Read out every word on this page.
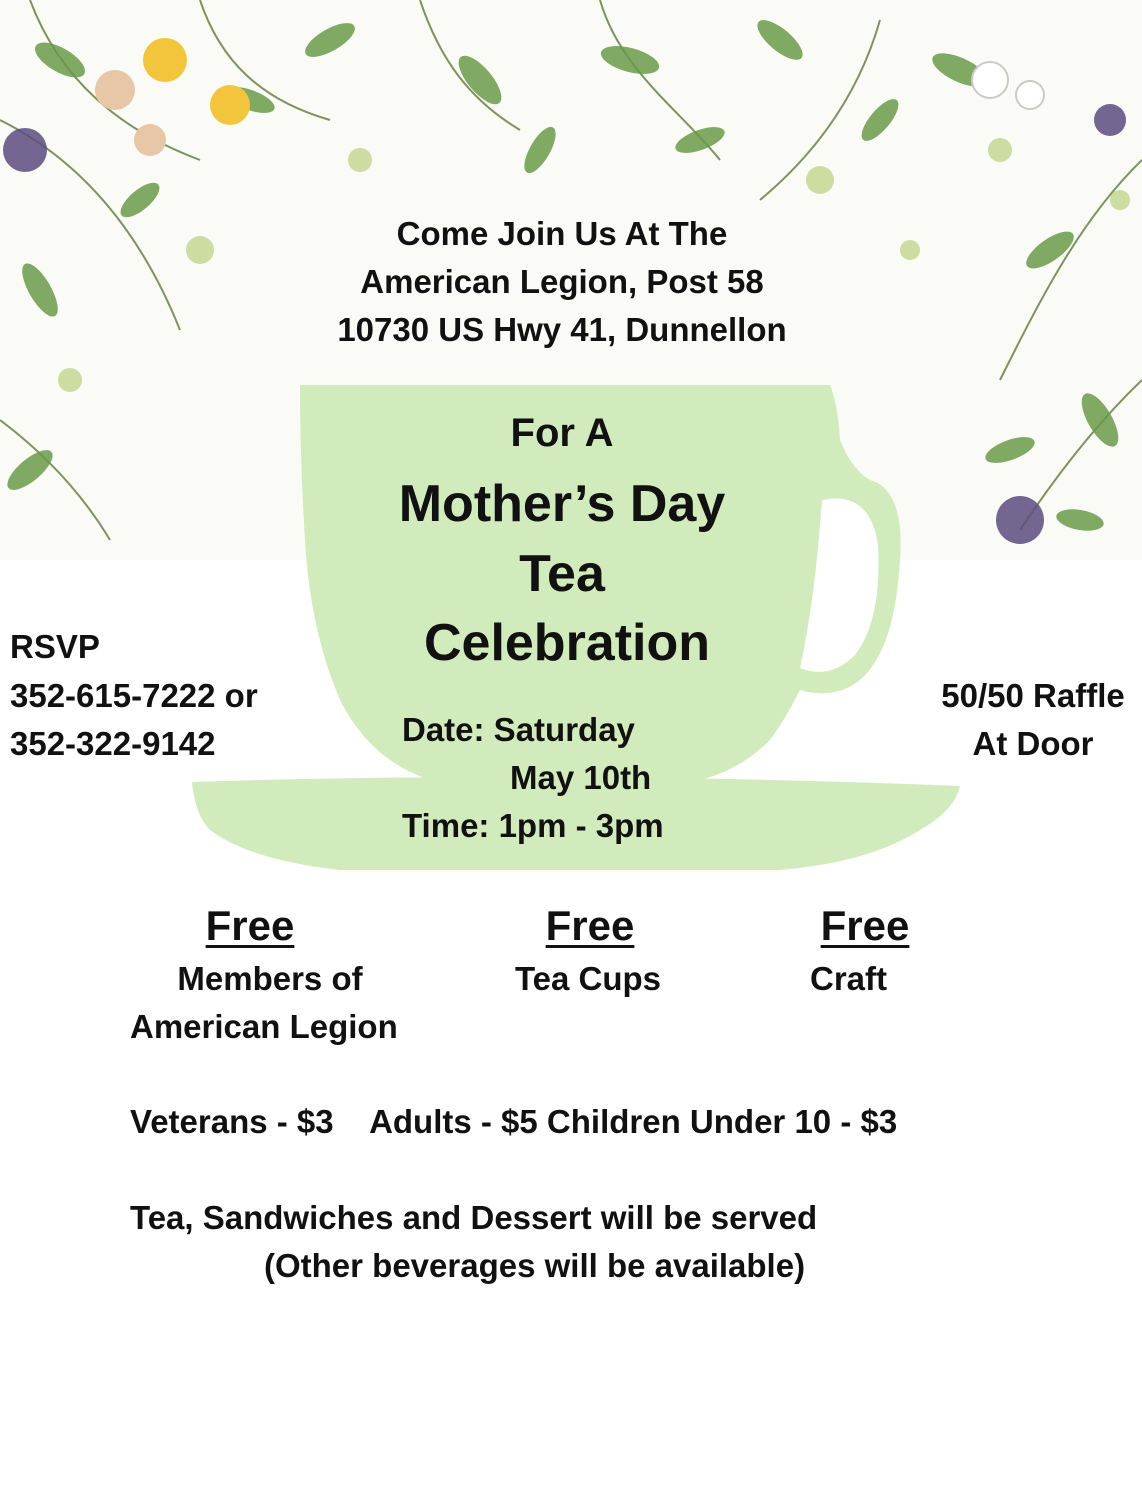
Come Join Us At The
American Legion, Post 58
10730 US Hwy 41, Dunnellon
For A
Mother’s Day
Tea
Celebration
Date: Saturday
May 10th
Time: 1pm - 3pm
RSVP
352-615-7222 or
352-322-9142
50/50 Raffle
At Door
Free
Members of
American Legion
Free
Tea Cups
Free
Craft
Veterans - $3    Adults - $5 Children Under 10 - $3
Tea, Sandwiches and Dessert will be served
(Other beverages will be available)
